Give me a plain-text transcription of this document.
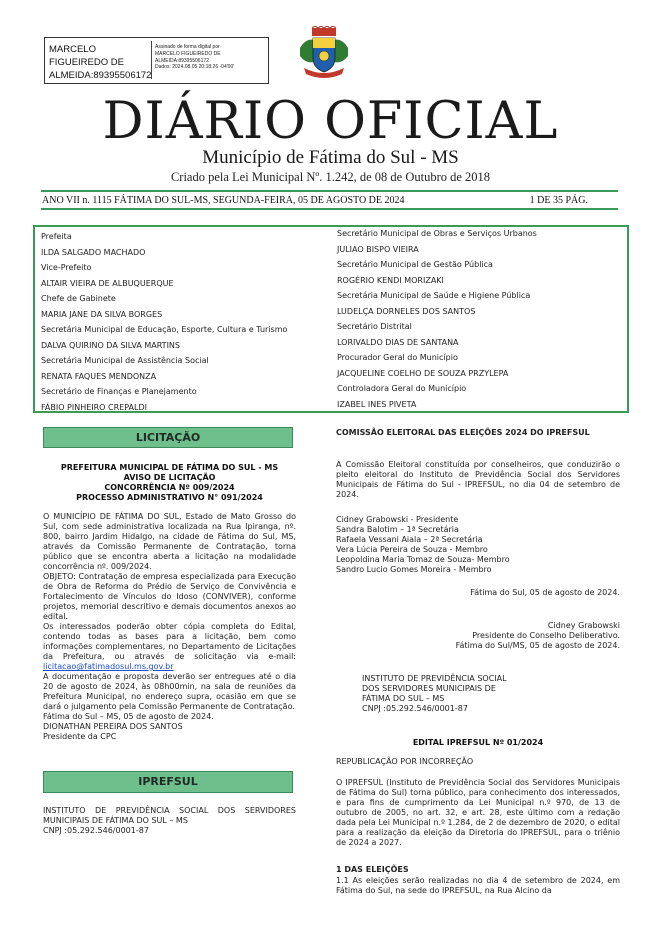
MARCELO FIGUEIREDO DE ALMEIDA:89395506172
Assinado de forma digital por
MARCELO FIGUEIREDO DE
ALMEIDA:89395506172
Dados: 2024.08.05 20:18:26 -04'00'
DIÁRIO OFICIAL
Município de Fátima do Sul - MS
Criado pela Lei Municipal Nº. 1.242, de 08 de Outubro de 2018
ANO VII n. 1115 FÁTIMA DO SUL-MS, SEGUNDA-FEIRA, 05 DE AGOSTO DE 2024	1 DE 35 PÁG.
Prefeita
ILDA SALGADO MACHADO
Vice-Prefeito
ALTAIR VIEIRA DE ALBUQUERQUE
Chefe de Gabinete
MARIA JANE DA SILVA BORGES
Secretária Municipal de Educação, Esporte, Cultura e Turismo
DALVA QUIRINO DA SILVA MARTINS
Secretária Municipal de Assistência Social
RENATA FAQUES MENDONZA
Secretário de Finanças e Planejamento
FÁBIO PINHEIRO CREPALDI
Secretário Municipal de Obras e Serviços Urbanos
JULIAO BISPO VIEIRA
Secretário Municipal de Gestão Pública
ROGÉRIO KENDI MORIZAKI
Secretária Municipal de Saúde e Higiene Pública
LUDELÇA DORNELES DOS SANTOS
Secretário Distrital
LORIVALDO DIAS DE SANTANA
Procurador Geral do Município
JACQUELINE COELHO DE SOUZA PRZYLEPA
Controladora Geral do Município
IZABEL INES PIVETA
LICITAÇÃO
PREFEITURA MUNICIPAL DE FÁTIMA DO SUL - MS
AVISO DE LICITAÇÃO
CONCORRÊNCIA Nº 009/2024
PROCESSO ADMINISTRATIVO N° 091/2024
O MUNICÍPIO DE FÁTIMA DO SUL, Estado de Mato Grosso do Sul, com sede administrativa localizada na Rua Ipiranga, nº. 800, bairro Jardim Hidalgo, na cidade de Fátima do Sul, MS, através da Comissão Permanente de Contratação, torna público que se encontra aberta a licitação na modalidade concorrência nº. 009/2024.
OBJETO: Contratação de empresa especializada para Execução de Obra de Reforma do Prédio de Serviço de Convivência e Fortalecimento de Vínculos do Idoso (CONVIVER), conforme projetos, memorial descritivo e demais documentos anexos ao edital.
Os interessados poderão obter cópia completa do Edital, contendo todas as bases para a licitação, bem como informações complementares, no Departamento de Licitações da Prefeitura, ou através de solicitação via e-mail: licitacao@fatimadosul.ms.gov.br
A documentação e proposta deverão ser entregues até o dia 20 de agosto de 2024, às 08h00min, na sala de reuniões da Prefeitura Municipal, no endereço supra, ocasião em que se dará o julgamento pela Comissão Permanente de Contratação.
Fátima do Sul – MS, 05 de agosto de 2024.
DIONATHAN PEREIRA DOS SANTOS
Presidente da CPC
IPREFSUL
INSTITUTO DE PREVIDÊNCIA SOCIAL DOS SERVIDORES MUNICIPAIS DE FÁTIMA DO SUL – MS
CNPJ :05.292.546/0001-87
COMISSÃO ELEITORAL DAS ELEIÇÕES 2024 DO IPREFSUL
A Comissão Eleitoral constituída por conselheiros, que conduzirão o pleito eleitoral do Instituto de Previdência Social dos Servidores Municipais de Fátima do Sul - IPREFSUL, no dia 04 de setembro de 2024.
Cidney Grabowski - Presidente
Sandra Balotim – 1ª Secretária
Rafaela Vessani Aiala – 2ª Secretária
Vera Lúcia Pereira de Souza - Membro
Leopoldina Maria Tomaz de Souza- Membro
Sandro Lucio Gomes Moreira - Membro
Fátima do Sul, 05 de agosto de 2024.
Cidney Grabowski
Presidente do Conselho Deliberativo.
Fátima do Sul/MS, 05 de agosto de 2024.
INSTITUTO DE PREVIDÊNCIA SOCIAL
DOS SERVIDORES MUNICIPAIS DE
FÁTIMA DO SUL – MS
CNPJ :05.292.546/0001-87
EDITAL IPREFSUL Nº 01/2024
REPUBLICAÇÃO POR INCORREÇÃO
O IPREFSUL (Instituto de Previdência Social dos Servidores Municipais de Fátima do Sul) torna público, para conhecimento dos interessados, e para fins de cumprimento da Lei Municipal n.º 970, de 13 de outubro de 2005, no art. 32, e art. 28, este último com a redação dada pela Lei Municipal n.º 1.284, de 2 de dezembro de 2020, o edital para a realização da eleição da Diretoria do IPREFSUL, para o triênio de 2024 a 2027.
1 DAS ELEIÇÕES
1.1 As eleições serão realizadas no dia 4 de setembro de 2024, em Fátima do Sul, na sede do IPREFSUL, na Rua Alcino da
